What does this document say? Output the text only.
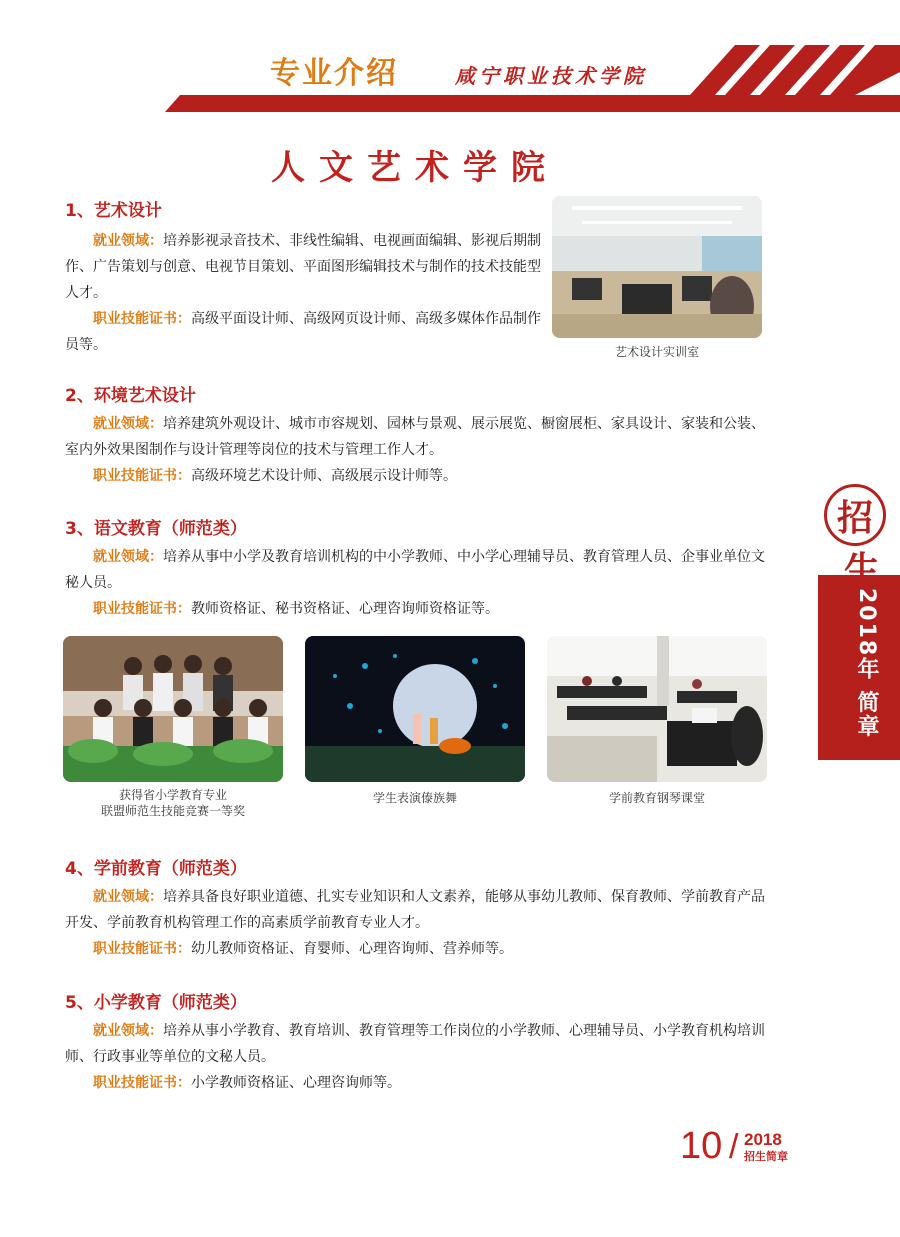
专业介绍	咸宁职业技术学院
人文艺术学院
1、艺术设计
就业领域：培养影视录音技术、非线性编辑、电视画面编辑、影视后期制作、广告策划与创意、电视节目策划、平面图形编辑技术与制作的技术技能型人才。
职业技能证书：高级平面设计师、高级网页设计师、高级多媒体作品制作员等。	艺术设计实训室
2、环境艺术设计
就业领域：培养建筑外观设计、城市市容规划、园林与景观、展示展览、橱窗展柜、家具设计、家装和公装、室内外效果图制作与设计管理等岗位的技术与管理工作人才。
职业技能证书：高级环境艺术设计师、高级展示设计师等。
3、语文教育（师范类）
就业领域：培养从事中小学及教育培训机构的中小学教师、中小学心理辅导员、教育管理人员、企事业单位文秘人员。
职业技能证书：教师资格证、秘书资格证、心理咨询师资格证等。
获得省小学教育专业
联盟师范生技能竞赛一等奖
学生表演傣族舞	学前教育钢琴课堂
4、学前教育（师范类）
就业领域：培养具备良好职业道德、扎实专业知识和人文素养，能够从事幼儿教师、保育教师、学前教育产品开发、学前教育机构管理工作的高素质学前教育专业人才。
职业技能证书：幼儿教师资格证、育婴师、心理咨询师、营养师等。
5、小学教育（师范类）
就业领域：培养从事小学教育、教育培训、教育管理等工作岗位的小学教师、心理辅导员、小学教育机构培训师、行政事业等单位的文秘人员。
职业技能证书：小学教师资格证、心理咨询师等。
招
生
2018年 简章
10 / 2018
招生简章
